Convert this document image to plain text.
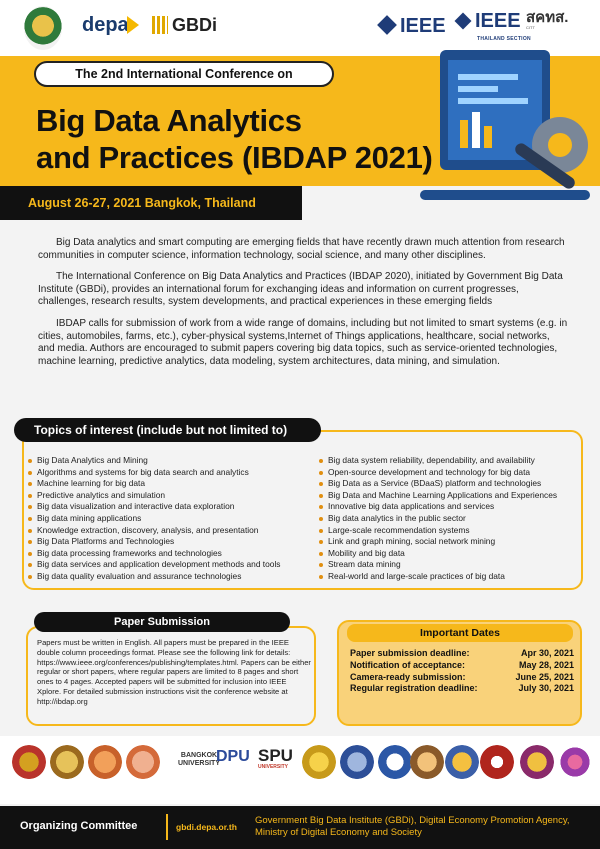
depa	GBDi	IEEE	IEEE
THAILAND SECTION
สคทส.
CITT
The 2nd International Conference on
Big Data Analytics
and Practices (IBDAP 2021)
August 26-27, 2021 Bangkok, Thailand

Big Data analytics and smart computing are emerging fields that have recently drawn much attention from research communities in computer science, information technology, social science, and many other disciplines.

The International Conference on Big Data Analytics and Practices (IBDAP 2020), initiated by Government Big Data Institute (GBDi), provides an international forum for exchanging ideas and information on current progresses, challenges, research results, system developments, and practical experiences in these emerging fields

IBDAP calls for submission of work from a wide range of domains, including but not limited to smart systems (e.g. in cities, automobiles, farms, etc.), cyber-physical systems,Internet of Things applications, healthcare, social networks, and media. Authors are encouraged to submit papers covering big data topics, such as service-oriented technologies, machine learning, predictive analytics, data modeling, system architectures, data mining, and simulation.

Topics of interest (include but not limited to)
Big Data Analytics and Mining
Algorithms and systems for big data search and analytics
Machine learning for big data
Predictive analytics and simulation
Big data visualization and interactive data exploration
Big data mining applications
Knowledge extraction, discovery, analysis, and presentation
Big Data Platforms and Technologies
Big data processing frameworks and technologies
Big data services and application development methods and tools
Big data quality evaluation and assurance technologies
Big data system reliability, dependability, and availability
Open-source development and technology for big data
Big Data as a Service (BDaaS) platform and technologies
Big Data and Machine Learning Applications and Experiences
Innovative big data applications and services
Big data analytics in the public sector
Large-scale recommendation systems
Link and graph mining, social network mining
Mobility and big data
Stream data mining
Real-world and large-scale practices of big data
Paper Submission
Papers must be written in English. All papers must be prepared in the IEEE double column proceedings format. Please see the following link for details: https://www.ieee.org/conferences/publishing/templates.html. Papers can be either regular or short papers, where regular papers are limited to 8 pages and short ones to 4 pages. Accepted papers will be submitted for inclusion into IEEE Xplore. For detailed submission instructions visit the conference website at http://ibdap.org
Important Dates
Paper submission deadline:	Apr 30, 2021
Notification of acceptance:	May 28, 2021
Camera-ready submission:	June 25, 2021
Regular registration deadline:	July 30, 2021
BANGKOK
UNIVERSITY
DPU SPU
UNIVERSITY
Organizing Committee	gbdi.depa.or.th
Government Big Data Institute (GBDi), Digital Economy Promotion Agency, Ministry of Digital Economy and Society
